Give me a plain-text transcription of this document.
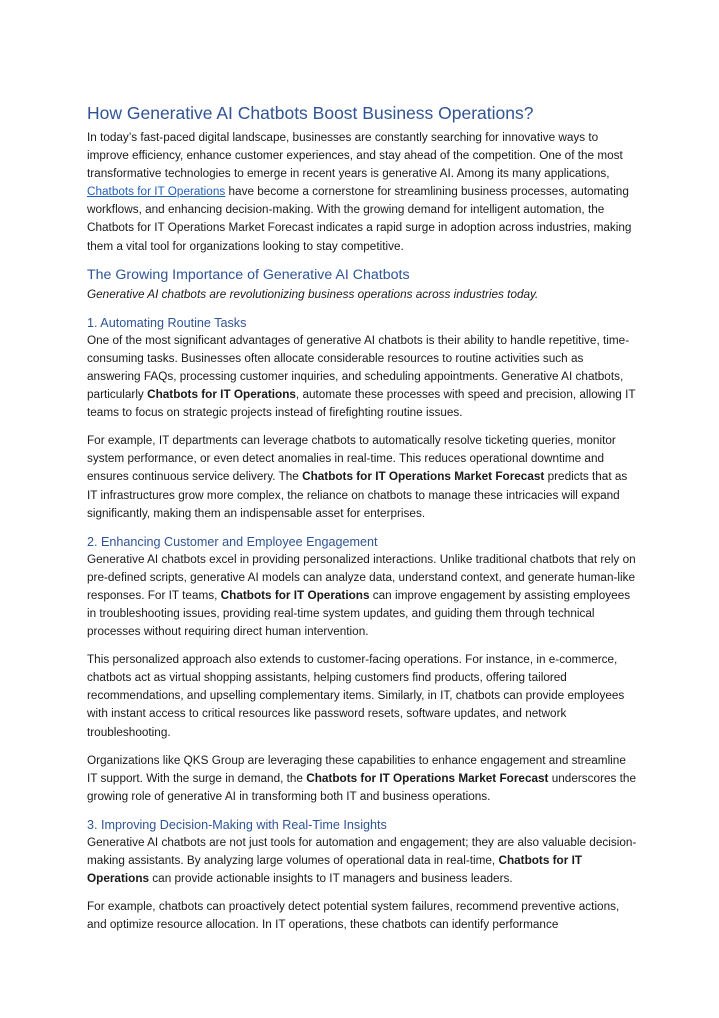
How Generative AI Chatbots Boost Business Operations?

In today’s fast-paced digital landscape, businesses are constantly searching for innovative ways to improve efficiency, enhance customer experiences, and stay ahead of the competition. One of the most transformative technologies to emerge in recent years is generative AI. Among its many applications, Chatbots for IT Operations have become a cornerstone for streamlining business processes, automating workflows, and enhancing decision-making. With the growing demand for intelligent automation, the Chatbots for IT Operations Market Forecast indicates a rapid surge in adoption across industries, making them a vital tool for organizations looking to stay competitive.

The Growing Importance of Generative AI Chatbots

Generative AI chatbots are revolutionizing business operations across industries today.

1. Automating Routine Tasks

One of the most significant advantages of generative AI chatbots is their ability to handle repetitive, time-consuming tasks. Businesses often allocate considerable resources to routine activities such as answering FAQs, processing customer inquiries, and scheduling appointments. Generative AI chatbots, particularly Chatbots for IT Operations, automate these processes with speed and precision, allowing IT teams to focus on strategic projects instead of firefighting routine issues.

For example, IT departments can leverage chatbots to automatically resolve ticketing queries, monitor system performance, or even detect anomalies in real-time. This reduces operational downtime and ensures continuous service delivery. The Chatbots for IT Operations Market Forecast predicts that as IT infrastructures grow more complex, the reliance on chatbots to manage these intricacies will expand significantly, making them an indispensable asset for enterprises.

2. Enhancing Customer and Employee Engagement

Generative AI chatbots excel in providing personalized interactions. Unlike traditional chatbots that rely on pre-defined scripts, generative AI models can analyze data, understand context, and generate human-like responses. For IT teams, Chatbots for IT Operations can improve engagement by assisting employees in troubleshooting issues, providing real-time system updates, and guiding them through technical processes without requiring direct human intervention.

This personalized approach also extends to customer-facing operations. For instance, in e-commerce, chatbots act as virtual shopping assistants, helping customers find products, offering tailored recommendations, and upselling complementary items. Similarly, in IT, chatbots can provide employees with instant access to critical resources like password resets, software updates, and network troubleshooting.

Organizations like QKS Group are leveraging these capabilities to enhance engagement and streamline IT support. With the surge in demand, the Chatbots for IT Operations Market Forecast underscores the growing role of generative AI in transforming both IT and business operations.

3. Improving Decision-Making with Real-Time Insights

Generative AI chatbots are not just tools for automation and engagement; they are also valuable decision-making assistants. By analyzing large volumes of operational data in real-time, Chatbots for IT Operations can provide actionable insights to IT managers and business leaders.

For example, chatbots can proactively detect potential system failures, recommend preventive actions, and optimize resource allocation. In IT operations, these chatbots can identify performance
